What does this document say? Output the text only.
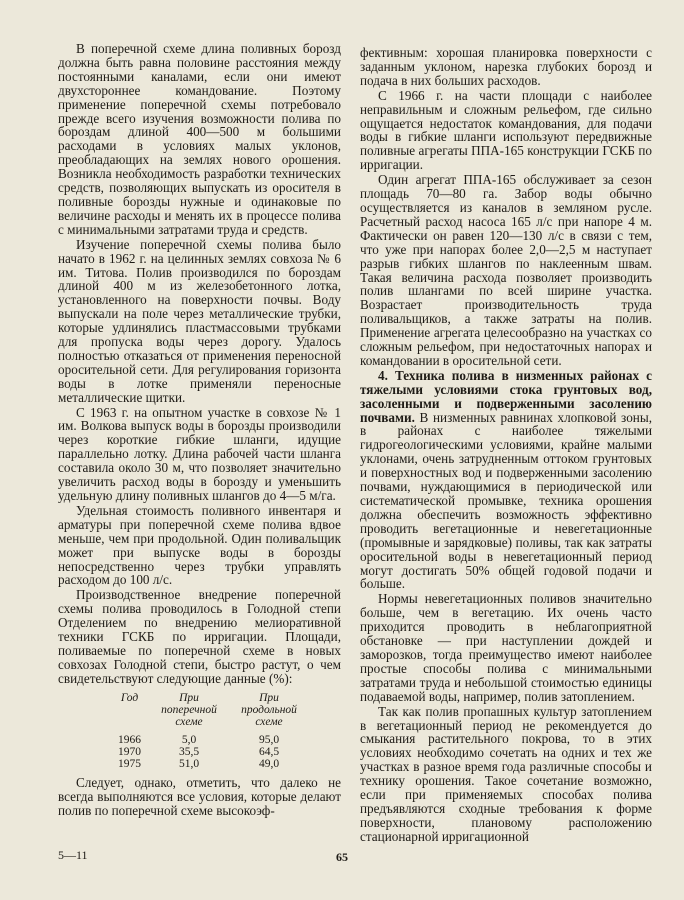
В поперечной схеме длина поливных борозд должна быть равна половине расстояния между постоянными каналами, если они имеют двухстороннее командование. Поэтому применение поперечной схемы потребовало прежде всего изучения возможности полива по бороздам длиной 400—500 м большими расходами в условиях малых уклонов, преобладающих на землях нового орошения. Возникла необходимость разработки технических средств, позволяющих выпускать из оросителя в поливные борозды нужные и одинаковые по величине расходы и менять их в процессе полива с минимальными затратами труда и средств.

Изучение поперечной схемы полива было начато в 1962 г. на целинных землях совхоза № 6 им. Титова. Полив производился по бороздам длиной 400 м из железобетонного лотка, установленного на поверхности почвы. Воду выпускали на поле через металлические трубки, которые удлинялись пластмассовыми трубками для пропуска воды через дорогу. Удалось полностью отказаться от применения переносной оросительной сети. Для регулирования горизонта воды в лотке применяли переносные металлические щитки.

С 1963 г. на опытном участке в совхозе № 1 им. Волкова выпуск воды в борозды производили через короткие гибкие шланги, идущие параллельно лотку. Длина рабочей части шланга составила около 30 м, что позволяет значительно увеличить расход воды в борозду и уменьшить удельную длину поливных шлангов до 4—5 м/га.

Удельная стоимость поливного инвентаря и арматуры при поперечной схеме полива вдвое меньше, чем при продольной. Один поливальщик может при выпуске воды в борозды непосредственно через трубки управлять расходом до 100 л/с.

Производственное внедрение поперечной схемы полива проводилось в Голодной степи Отделением по внедрению мелиоративной техники ГСКБ по ирригации. Площади, поливаемые по поперечной схеме в новых совхозах Голодной степи, быстро растут, о чем свидетельствуют следующие данные (%):

Год	При поперечной схеме	При продольной схеме
1966	5,0	95,0
1970	35,5	64,5
1975	51,0	49,0

Следует, однако, отметить, что далеко не всегда выполняются все условия, которые делают полив по поперечной схеме высокоэф-

фективным: хорошая планировка поверхности с заданным уклоном, нарезка глубоких борозд и подача в них больших расходов.

С 1966 г. на части площади с наиболее неправильным и сложным рельефом, где сильно ощущается недостаток командования, для подачи воды в гибкие шланги используют передвижные поливные агрегаты ППА-165 конструкции ГСКБ по ирригации.

Один агрегат ППА-165 обслуживает за сезон площадь 70—80 га. Забор воды обычно осуществляется из каналов в земляном русле. Расчетный расход насоса 165 л/с при напоре 4 м. Фактически он равен 120—130 л/с в связи с тем, что уже при напорах более 2,0—2,5 м наступает разрыв гибких шлангов по наклеенным швам. Такая величина расхода позволяет производить полив шлангами по всей ширине участка. Возрастает производительность труда поливальщиков, а также затраты на полив. Применение агрегата целесообразно на участках со сложным рельефом, при недостаточных напорах и командовании в оросительной сети.

4. Техника полива в низменных районах с тяжелыми условиями стока грунтовых вод, засоленными и подверженными засолению почвами. В низменных равнинах хлопковой зоны, в районах с наиболее тяжелыми гидрогеологическими условиями, крайне малыми уклонами, очень затрудненным оттоком грунтовых и поверхностных вод и подверженными засолению почвами, нуждающимися в периодической или систематической промывке, техника орошения должна обеспечить возможность эффективно проводить вегетационные и невегетационные (промывные и зарядковые) поливы, так как затраты оросительной воды в невегетационный период могут достигать 50% общей годовой подачи и больше.

Нормы невегетационных поливов значительно больше, чем в вегетацию. Их очень часто приходится проводить в неблагоприятной обстановке — при наступлении дождей и заморозков, тогда преимущество имеют наиболее простые способы полива с минимальными затратами труда и небольшой стоимостью единицы подаваемой воды, например, полив затоплением.

Так как полив пропашных культур затоплением в вегетационный период не рекомендуется до смыкания растительного покрова, то в этих условиях необходимо сочетать на одних и тех же участках в разное время года различные способы и технику орошения. Такое сочетание возможно, если при применяемых способах полива предъявляются сходные требования к форме поверхности, плановому расположению стационарной ирригационной

5—11	65
